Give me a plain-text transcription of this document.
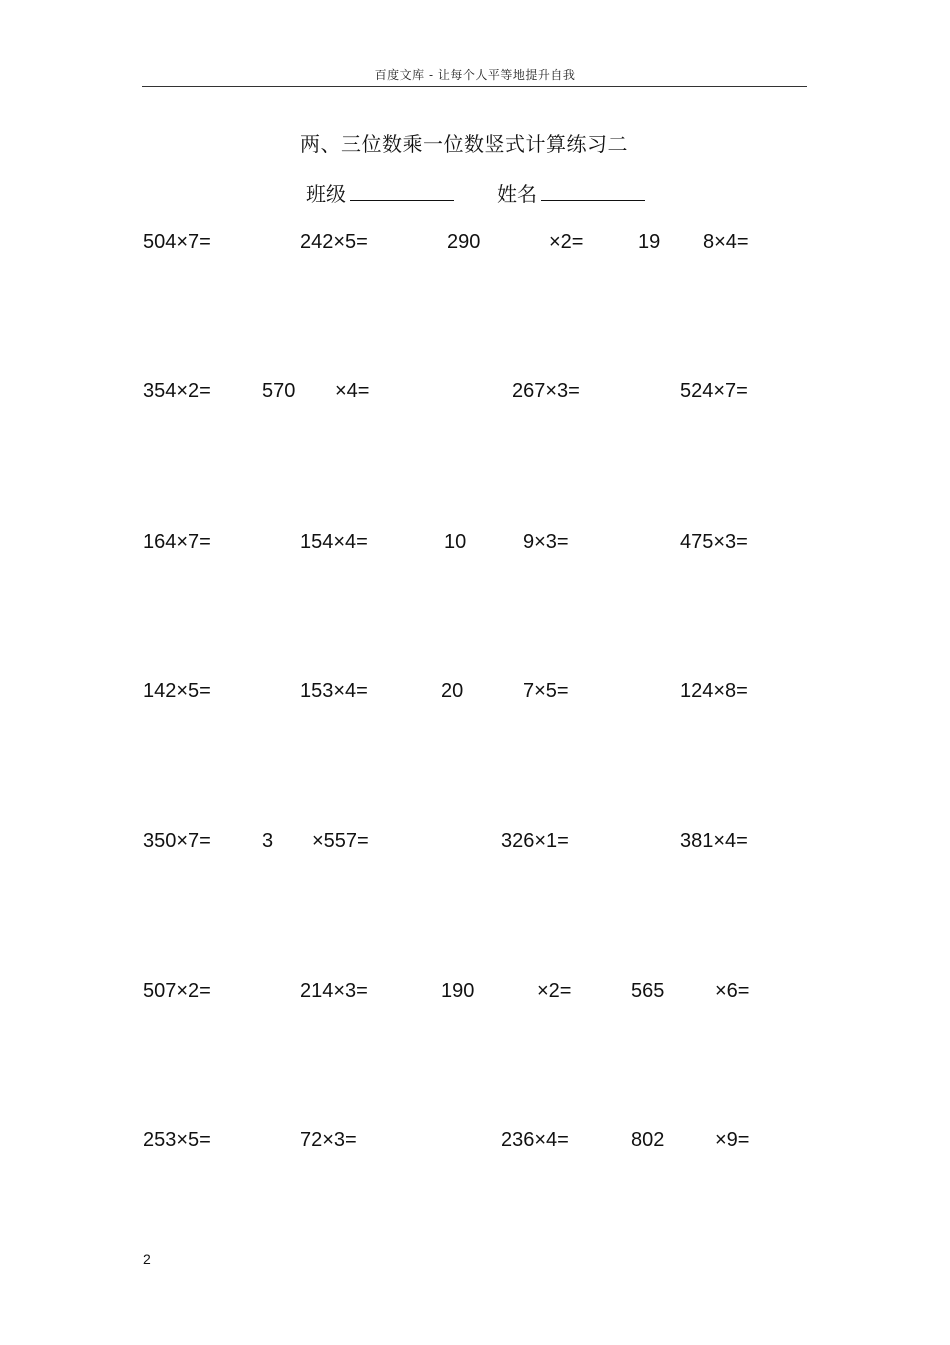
百度文库 - 让每个人平等地提升自我
两、三位数乘一位数竖式计算练习二
班级	姓名
504×7=	242×5=	290	×2=	19 8×4=
354×2=	570 ×4=	267×3=	524×7=
164×7=	154×4=	10	9×3=	475×3=
142×5=	153×4=	20	7×5=	124×8=
350×7=	3 ×557=	326×1=	381×4=
507×2=	214×3=	190	×2=	565	×6=
253×5=	72×3=	236×4=	802	×9=
2
